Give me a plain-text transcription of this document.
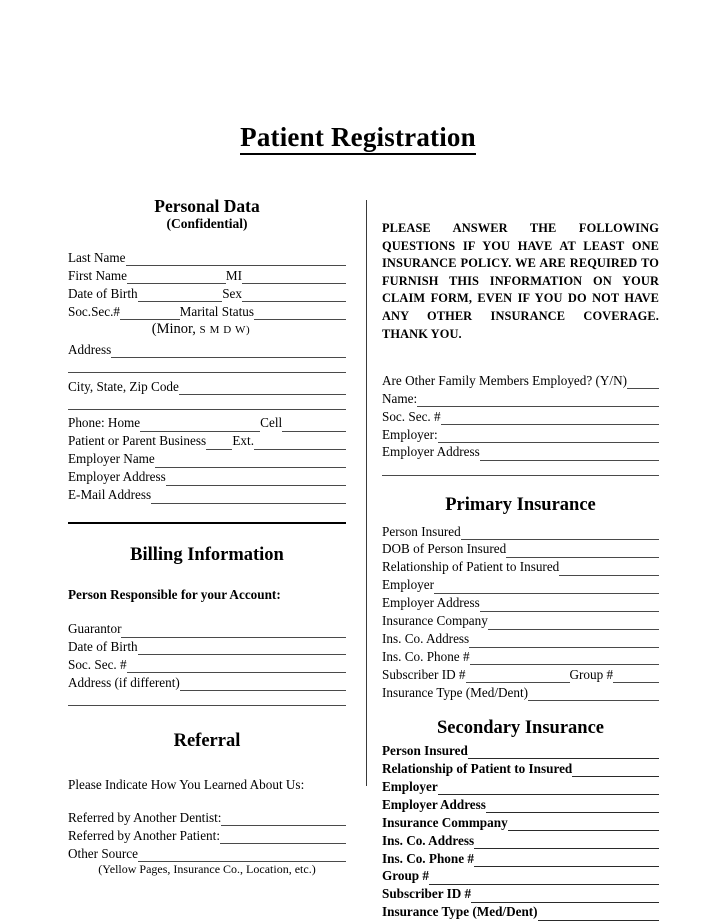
Patient Registration
Personal Data
(Confidential)
Last Name
First Name	MI
Date of Birth	Sex
Soc.Sec.#	Marital Status
(Minor, S M D W)
Address
City, State, Zip Code
Phone: Home	Cell
Patient or Parent Business Ext.
Employer Name
Employer Address
E-Mail Address
Billing Information
Person Responsible for your Account:
Guarantor
Date of Birth
Soc. Sec. #
Address (if different)
Referral
Please Indicate How You Learned About Us:
Referred by Another Dentist:
Referred by Another Patient:
Other Source
(Yellow Pages, Insurance Co., Location, etc.)
PLEASE ANSWER THE FOLLOWING QUESTIONS IF YOU HAVE AT LEAST ONE INSURANCE POLICY. WE ARE REQUIRED TO FURNISH THIS INFORMATION ON YOUR CLAIM FORM, EVEN IF YOU DO NOT HAVE ANY OTHER INSURANCE COVERAGE. THANK YOU.
Are Other Family Members Employed? (Y/N)
Name:
Soc. Sec. #
Employer:
Employer Address
Primary Insurance
Person Insured
DOB of Person Insured
Relationship of Patient to Insured
Employer
Employer Address
Insurance Company
Ins. Co. Address
Ins. Co. Phone #
Subscriber ID #	Group #
Insurance Type (Med/Dent)
Secondary Insurance
Person Insured
Relationship of Patient to Insured
Employer
Employer Address
Insurance Commpany
Ins. Co. Address
Ins. Co. Phone #
Group #
Subscriber ID #
Insurance Type (Med/Dent)
